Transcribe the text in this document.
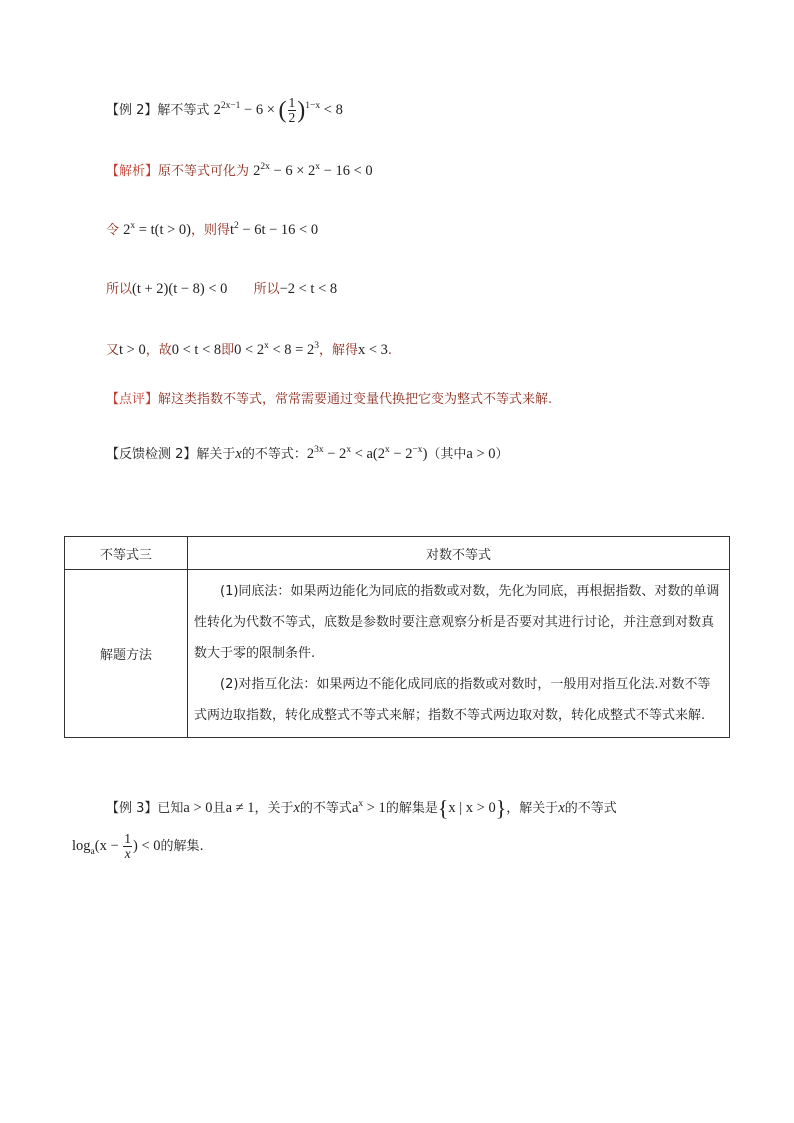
【例 2】解不等式 $2^{2x-1} - 6$ × ( $\frac{1}{2} )^{1-x} < 8$
【解析】原不等式可化为 $2^{2x} - 6 \times 2^x - 16 < 0$
令 $2^x = t(t > 0)$，则得$t^2 - 6t - 16 < 0$
所以(t + 2)(t − 8) < 0 所以−2 < t < 8
又t > 0，故0 < t < 8即$0 < 2^x < 8 = 2^3$，解得x < 3.
【点评】解这类指数不等式，常常需要通过变量代换把它变为整式不等式来解.
【反馈检测 2】解关于x的不等式：$2^{3x} - 2^x < a(2^x - 2^{-x})$（其中a > 0）
不等式三	对数不等式
解题方法	(1)同底法：如果两边能化为同底的指数或对数，先化为同底，再根据指数、对数的单调性转化为代数不等式，底数是参数时要注意观察分析是否要对其进行讨论，并注意到对数真数大于零的限制条件.
(2)对指互化法：如果两边不能化成同底的指数或对数时，一般用对指互化法.对数不等式两边取指数，转化成整式不等式来解；指数不等式两边取对数，转化成整式不等式来解.
【例 3】已知a > 0且a ≠ 1，关于x的不等式$a^x > 1$的解集是{x | x > 0}，解关于x的不等式
$\log_a(x - \frac{1}{x}$ ) < 0的解集.
